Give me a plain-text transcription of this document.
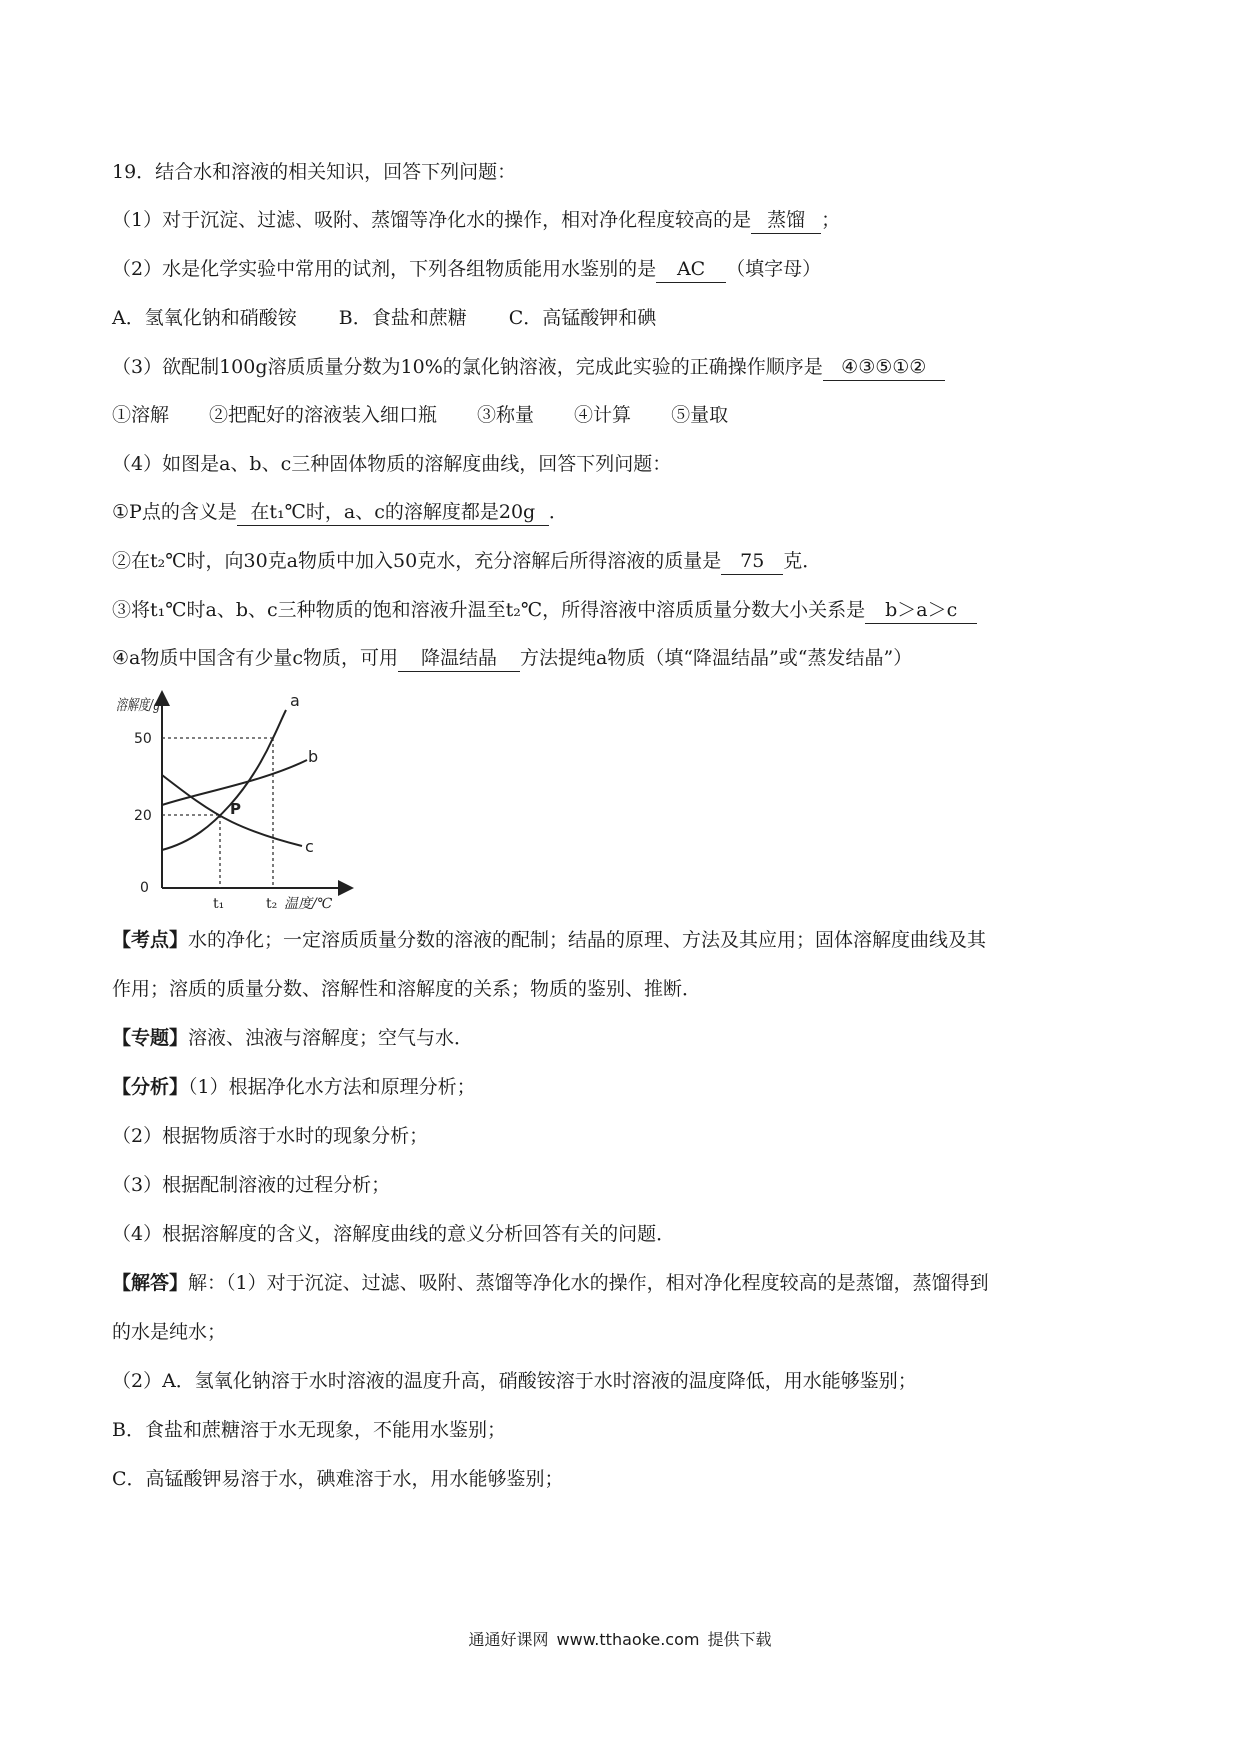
19．结合水和溶液的相关知识，回答下列问题：
（1）对于沉淀、过滤、吸附、蒸馏等净化水的操作，相对净化程度较高的是 蒸馏 ；
（2）水是化学实验中常用的试剂，下列各组物质能用水鉴别的是 AC （填字母）
A．氢氧化钠和硝酸铵 B．食盐和蔗糖 C．高锰酸钾和碘
（3）欲配制100g溶质质量分数为10%的氯化钠溶液，完成此实验的正确操作顺序是 ④③⑤①②
①溶解 ②把配好的溶液装入细口瓶 ③称量 ④计算 ⑤量取
（4）如图是a、b、c三种固体物质的溶解度曲线，回答下列问题：
①P点的含义是 在t₁℃时，a、c的溶解度都是20g ．
②在t₂℃时，向30克a物质中加入50克水，充分溶解后所得溶液的质量是 75 克．
③将t₁℃时a、b、c三种物质的饱和溶液升温至t₂℃，所得溶液中溶质质量分数大小关系是 b＞a＞c
④a物质中国含有少量c物质，可用 降温结晶 方法提纯a物质（填“降温结晶”或“蒸发结晶”）
溶解度/g
50
20
0
t₁	t₂ 温度/℃
a
b
c
P
【考点】水的净化；一定溶质质量分数的溶液的配制；结晶的原理、方法及其应用；固体溶解度曲线及其
作用；溶质的质量分数、溶解性和溶解度的关系；物质的鉴别、推断．
【专题】溶液、浊液与溶解度；空气与水．
【分析】（1）根据净化水方法和原理分析；
（2）根据物质溶于水时的现象分析；
（3）根据配制溶液的过程分析；
（4）根据溶解度的含义，溶解度曲线的意义分析回答有关的问题．
【解答】解：（1）对于沉淀、过滤、吸附、蒸馏等净化水的操作，相对净化程度较高的是蒸馏，蒸馏得到
的水是纯水；
（2）A．氢氧化钠溶于水时溶液的温度升高，硝酸铵溶于水时溶液的温度降低，用水能够鉴别；
B．食盐和蔗糖溶于水无现象，不能用水鉴别；
C．高锰酸钾易溶于水，碘难溶于水，用水能够鉴别；
通通好课网 www.tthaoke.com 提供下载
